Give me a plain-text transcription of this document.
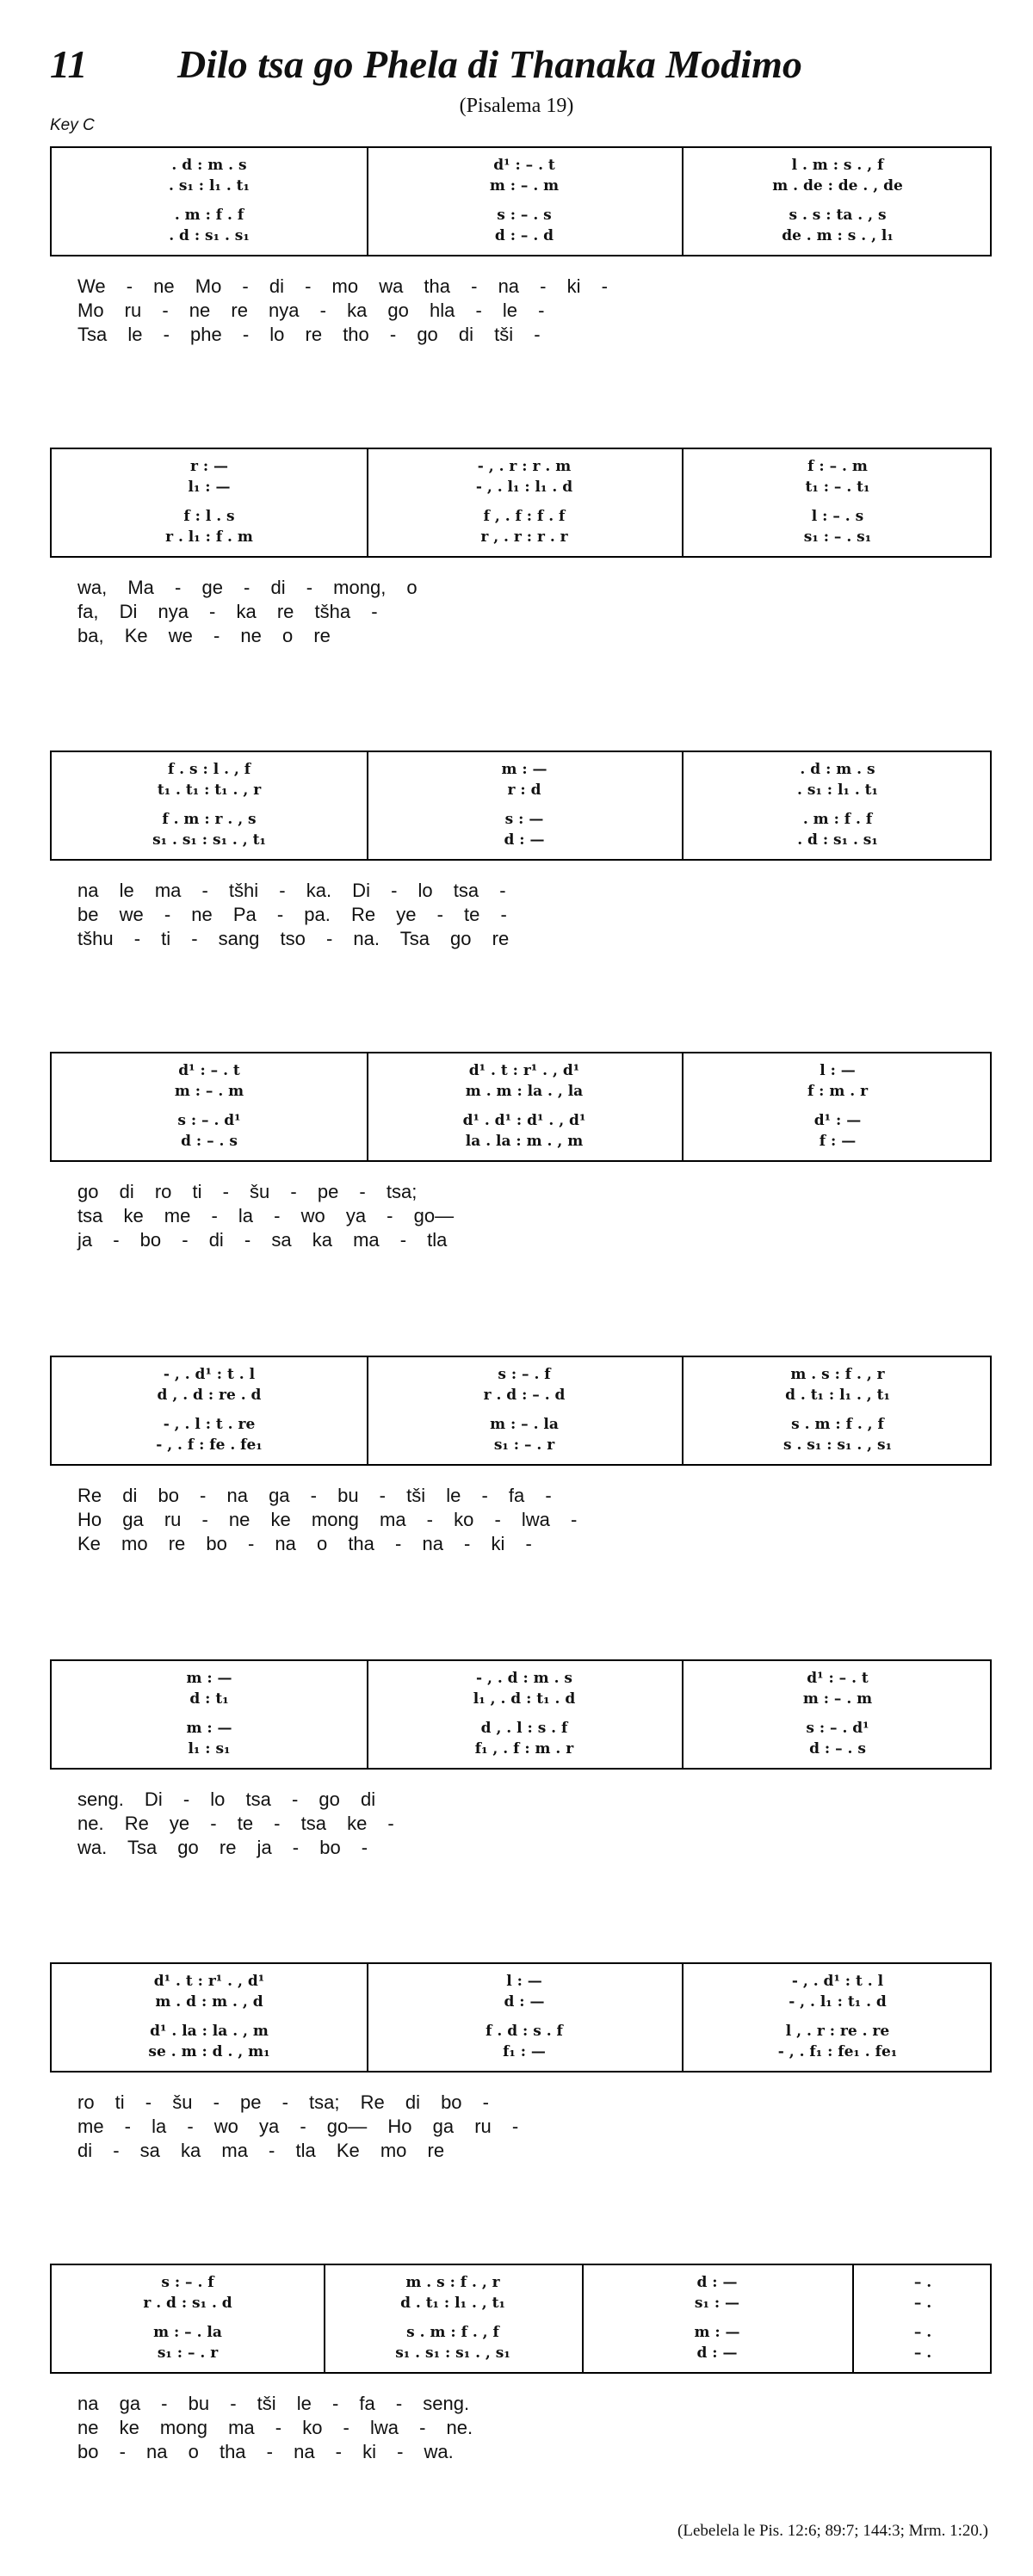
11 Dilo tsa go Phela di Thanaka Modimo
(Pisalema 19)
Key C
. d : m . s	d¹ : – . t	l . m : s . , f
. s₁ : l₁ . t₁	m : – . m	m . de : de . , de
. m : f . f	s : – . s	s . s : ta . , s
. d : s₁ . s₁	d : – . d	de . m : s . , l₁
We - ne Mo - di - mo wa tha - na - ki -
Mo ru - ne re nya - ka go hla - le -
Tsa le - phe - lo re tho - go di tši -
r : —	- , . r : r . m	f : – . m
l₁ : —	- , . l₁ : l₁ . d	t₁ : – . t₁
f : l . s	f , . f : f . f	l : – . s
r . l₁ : f . m	r , . r : r . r	s₁ : – . s₁
wa, Ma - ge - di - mong, o
fa, Di nya - ka re tšha -
ba, Ke we - ne o re
f . s : l . , f	m : —	. d : m . s
t₁ . t₁ : t₁ . , r	r : d	. s₁ : l₁ . t₁
f . m : r . , s	s : —	. m : f . f
s₁ . s₁ : s₁ . , t₁	d : —	. d : s₁ . s₁
na le ma - tšhi - ka. Di - lo tsa -
be we - ne Pa - pa. Re ye - te -
tšhu - ti - sang tso - na. Tsa go re
d¹ : – . t	d¹ . t : r¹ . , d¹	l : —
m : – . m	m . m : la . , la	f : m . r
s : – . d¹	d¹ . d¹ : d¹ . , d¹	d¹ : —
d : – . s	la . la : m . , m	f : —
go di ro ti - šu - pe - tsa;
tsa ke me - la - wo ya - go—
ja - bo - di - sa ka ma - tla
- , . d¹ : t . l	s : – . f	m . s : f . , r
d , . d : re . d	r . d : – . d	d . t₁ : l₁ . , t₁
- , . l : t . re	m : – . la	s . m : f . , f
- , . f : fe . fe₁	s₁ : – . r	s . s₁ : s₁ . , s₁
Re di bo - na ga - bu - tši le - fa -
Ho ga ru - ne ke mong ma - ko - lwa -
Ke mo re bo - na o tha - na - ki -
m : —	- , . d : m . s	d¹ : – . t
d : t₁	l₁ , . d : t₁ . d	m : – . m
m : —	d , . l : s . f	s : – . d¹
l₁ : s₁	f₁ , . f : m . r	d : – . s
seng. Di - lo tsa - go di
ne. Re ye - te - tsa ke -
wa. Tsa go re ja - bo -
d¹ . t : r¹ . , d¹	l : —	- , . d¹ : t . l
m . d : m . , d	d : —	- , . l₁ : t₁ . d
d¹ . la : la . , m	f . d : s . f	l , . r : re . re
se . m : d . , m₁	f₁ : —	- , . f₁ : fe₁ . fe₁
ro ti - šu - pe - tsa; Re di bo -
me - la - wo ya - go— Ho ga ru -
di - sa ka ma - tla Ke mo re
s : – . f	m . s : f . , r	d : —	– .
r . d : s₁ . d	d . t₁ : l₁ . , t₁	s₁ : —	– .
m : – . la	s . m : f . , f	m : —	– .
s₁ : – . r	s₁ . s₁ : s₁ . , s₁	d : —	– .
na ga - bu - tši le - fa - seng.
ne ke mong ma - ko - lwa - ne.
bo - na o tha - na - ki - wa.
(Lebelela le Pis. 12:6; 89:7; 144:3; Mrm. 1:20.)
